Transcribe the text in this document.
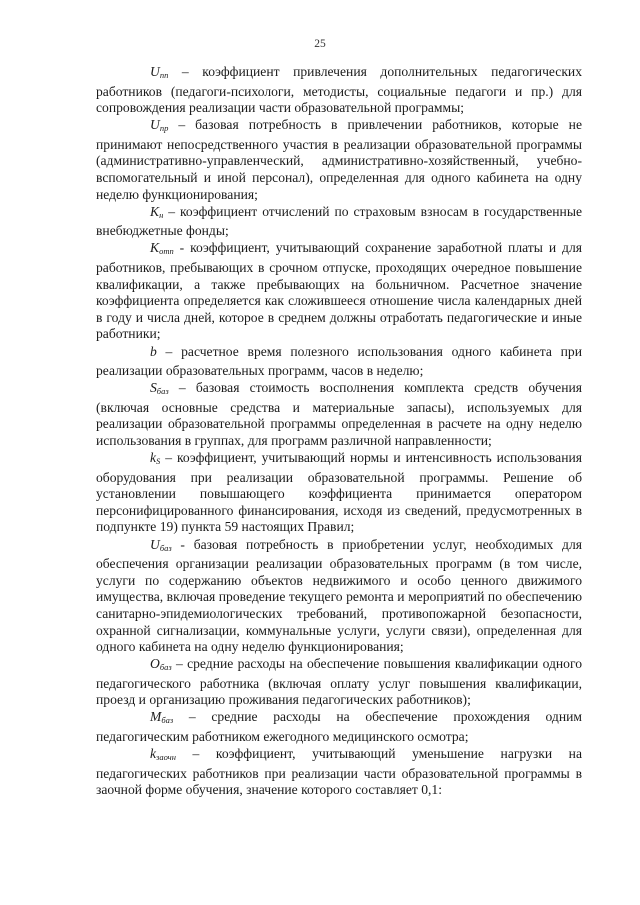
25

$U_{пп}$ – коэффициент привлечения дополнительных педагогических работников (педагоги-психологи, методисты, социальные педагоги и пр.) для сопровождения реализации части образовательной программы;

$U_{пр}$ – базовая потребность в привлечении работников, которые не принимают непосредственного участия в реализации образовательной программы (административно-управленческий, административно-хозяйственный, учебно-вспомогательный и иной персонал), определенная для одного кабинета на одну неделю функционирования;

$K_н$ – коэффициент отчислений по страховым взносам в государственные внебюджетные фонды;

$K_{отп}$ - коэффициент, учитывающий сохранение заработной платы и для работников, пребывающих в срочном отпуске, проходящих очередное повышение квалификации, а также пребывающих на больничном. Расчетное значение коэффициента определяется как сложившееся отношение числа календарных дней в году и числа дней, которое в среднем должны отработать педагогические и иные работники;

b – расчетное время полезного использования одного кабинета при реализации образовательных программ, часов в неделю;

$S_{баз}$ – базовая стоимость восполнения комплекта средств обучения (включая основные средства и материальные запасы), используемых для реализации образовательной программы определенная в расчете на одну неделю использования в группах, для программ различной направленности;

$k_S$ – коэффициент, учитывающий нормы и интенсивность использования оборудования при реализации образовательной программы. Решение об установлении повышающего коэффициента принимается оператором персонифицированного финансирования, исходя из сведений, предусмотренных в подпункте 19) пункта 59 настоящих Правил;

$U_{баз}$ - базовая потребность в приобретении услуг, необходимых для обеспечения организации реализации образовательных программ (в том числе, услуги по содержанию объектов недвижимого и особо ценного движимого имущества, включая проведение текущего ремонта и мероприятий по обеспечению санитарно-эпидемиологических требований, противопожарной безопасности, охранной сигнализации, коммунальные услуги, услуги связи), определенная для одного кабинета на одну неделю функционирования;

$O_{баз}$ – средние расходы на обеспечение повышения квалификации одного педагогического работника (включая оплату услуг повышения квалификации, проезд и организацию проживания педагогических работников);

$M_{баз}$ – средние расходы на обеспечение прохождения одним педагогическим работником ежегодного медицинского осмотра;

$k_{заочн}$ – коэффициент, учитывающий уменьшение нагрузки на педагогических работников при реализации части образовательной программы в заочной форме обучения, значение которого составляет 0,1:
